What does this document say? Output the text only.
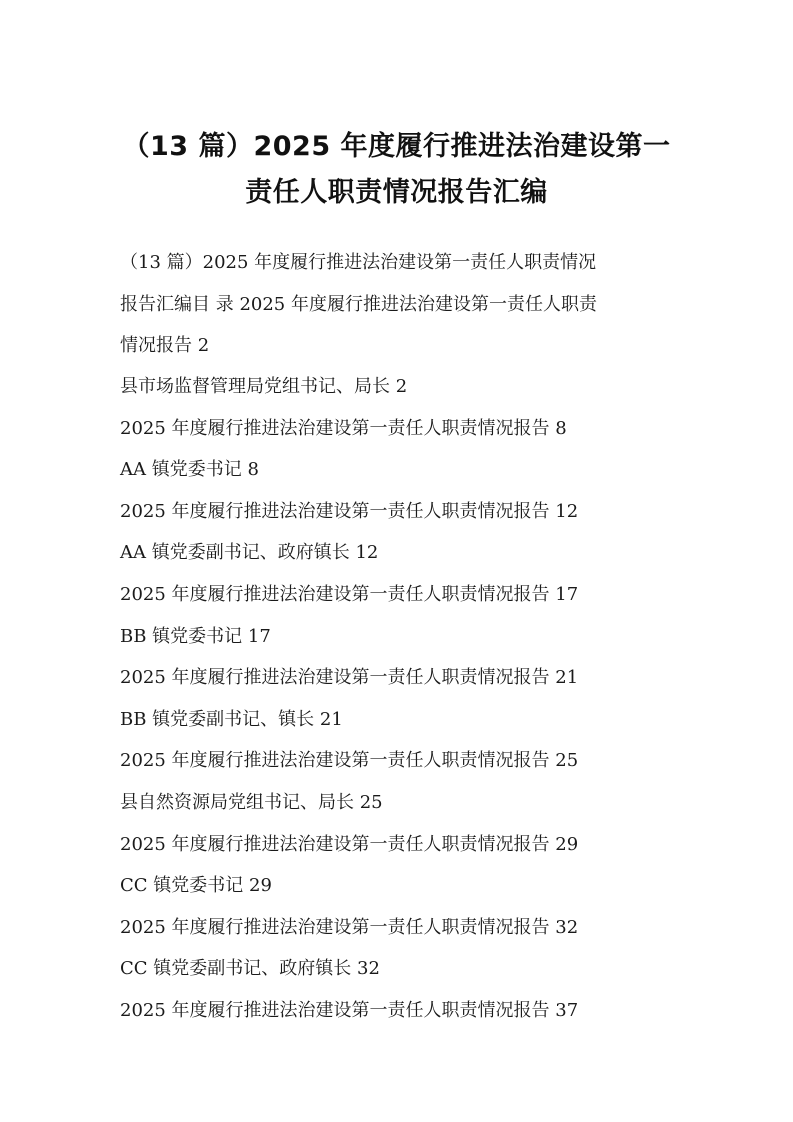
（13 篇）2025 年度履行推进法治建设第一
责任人职责情况报告汇编
（13 篇）2025 年度履行推进法治建设第一责任人职责情况
报告汇编目 录 2025 年度履行推进法治建设第一责任人职责
情况报告 2
县市场监督管理局党组书记、局长 2
2025 年度履行推进法治建设第一责任人职责情况报告 8
AA 镇党委书记 8
2025 年度履行推进法治建设第一责任人职责情况报告 12
AA 镇党委副书记、政府镇长 12
2025 年度履行推进法治建设第一责任人职责情况报告 17
BB 镇党委书记 17
2025 年度履行推进法治建设第一责任人职责情况报告 21
BB 镇党委副书记、镇长 21
2025 年度履行推进法治建设第一责任人职责情况报告 25
县自然资源局党组书记、局长 25
2025 年度履行推进法治建设第一责任人职责情况报告 29
CC 镇党委书记 29
2025 年度履行推进法治建设第一责任人职责情况报告 32
CC 镇党委副书记、政府镇长 32
2025 年度履行推进法治建设第一责任人职责情况报告 37
